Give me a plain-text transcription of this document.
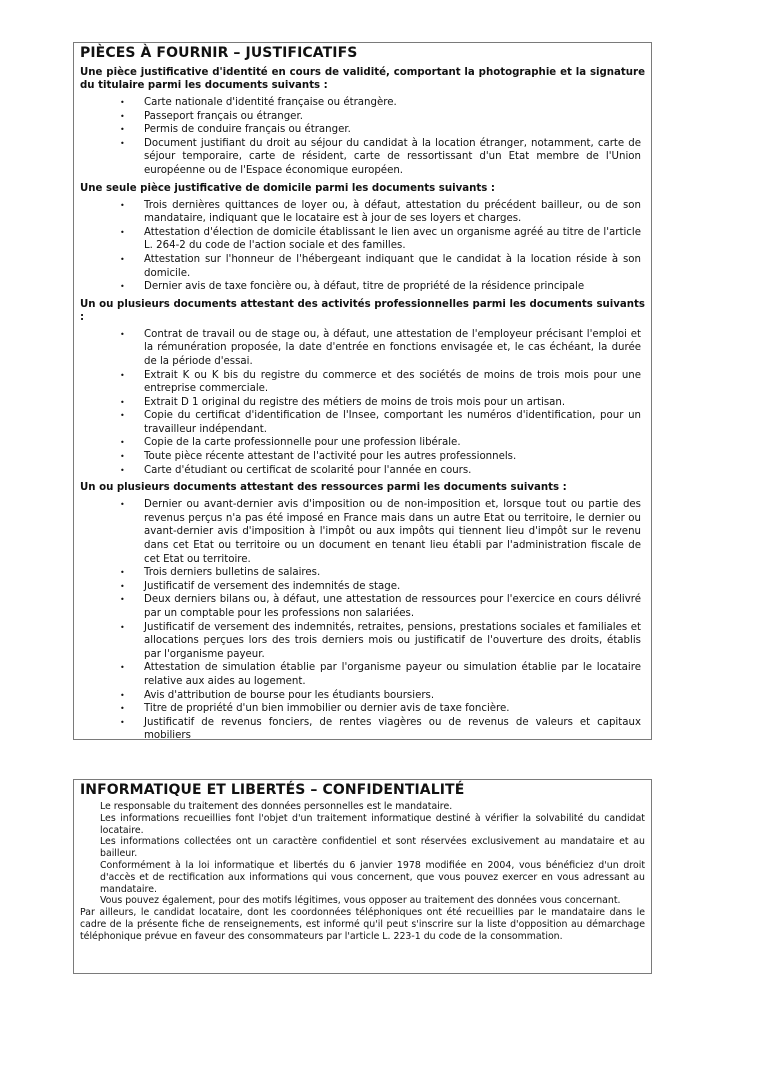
PIÈCES À FOURNIR – JUSTIFICATIFS

Une pièce justificative d'identité en cours de validité, comportant la photographie et la signature du titulaire parmi les documents suivants :

• Carte nationale d'identité française ou étrangère.
• Passeport français ou étranger.
• Permis de conduire français ou étranger.
• Document justifiant du droit au séjour du candidat à la location étranger, notamment, carte de séjour temporaire, carte de résident, carte de ressortissant d'un Etat membre de l'Union européenne ou de l'Espace économique européen.

Une seule pièce justificative de domicile parmi les documents suivants :

• Trois dernières quittances de loyer ou, à défaut, attestation du précédent bailleur, ou de son mandataire, indiquant que le locataire est à jour de ses loyers et charges.
• Attestation d'élection de domicile établissant le lien avec un organisme agréé au titre de l'article L. 264-2 du code de l'action sociale et des familles.
• Attestation sur l'honneur de l'hébergeant indiquant que le candidat à la location réside à son domicile.
• Dernier avis de taxe foncière ou, à défaut, titre de propriété de la résidence principale

Un ou plusieurs documents attestant des activités professionnelles parmi les documents suivants :

• Contrat de travail ou de stage ou, à défaut, une attestation de l'employeur précisant l'emploi et la rémunération proposée, la date d'entrée en fonctions envisagée et, le cas échéant, la durée de la période d'essai.
• Extrait K ou K bis du registre du commerce et des sociétés de moins de trois mois pour une entreprise commerciale.
• Extrait D 1 original du registre des métiers de moins de trois mois pour un artisan.
• Copie du certificat d'identification de l'Insee, comportant les numéros d'identification, pour un travailleur indépendant.
• Copie de la carte professionnelle pour une profession libérale.
• Toute pièce récente attestant de l'activité pour les autres professionnels.
• Carte d'étudiant ou certificat de scolarité pour l'année en cours.

Un ou plusieurs documents attestant des ressources parmi les documents suivants :

• Dernier ou avant-dernier avis d'imposition ou de non-imposition et, lorsque tout ou partie des revenus perçus n'a pas été imposé en France mais dans un autre Etat ou territoire, le dernier ou avant-dernier avis d'imposition à l'impôt ou aux impôts qui tiennent lieu d'impôt sur le revenu dans cet Etat ou territoire ou un document en tenant lieu établi par l'administration fiscale de cet Etat ou territoire.
• Trois derniers bulletins de salaires.
• Justificatif de versement des indemnités de stage.
• Deux derniers bilans ou, à défaut, une attestation de ressources pour l'exercice en cours délivré par un comptable pour les professions non salariées.
• Justificatif de versement des indemnités, retraites, pensions, prestations sociales et familiales et allocations perçues lors des trois derniers mois ou justificatif de l'ouverture des droits, établis par l'organisme payeur.
• Attestation de simulation établie par l'organisme payeur ou simulation établie par le locataire relative aux aides au logement.
• Avis d'attribution de bourse pour les étudiants boursiers.
• Titre de propriété d'un bien immobilier ou dernier avis de taxe foncière.
• Justificatif de revenus fonciers, de rentes viagères ou de revenus de valeurs et capitaux mobiliers
INFORMATIQUE ET LIBERTÉS – CONFIDENTIALITÉ

Le responsable du traitement des données personnelles est le mandataire.

Les informations recueillies font l'objet d'un traitement informatique destiné à vérifier la solvabilité du candidat locataire.

Les informations collectées ont un caractère confidentiel et sont réservées exclusivement au mandataire et au bailleur.

Conformément à la loi informatique et libertés du 6 janvier 1978 modifiée en 2004, vous bénéficiez d'un droit d'accès et de rectification aux informations qui vous concernent, que vous pouvez exercer en vous adressant au mandataire.

Vous pouvez également, pour des motifs légitimes, vous opposer au traitement des données vous concernant.

Par ailleurs, le candidat locataire, dont les coordonnées téléphoniques ont été recueillies par le mandataire dans le cadre de la présente fiche de renseignements, est informé qu'il peut s'inscrire sur la liste d'opposition au démarchage téléphonique prévue en faveur des consommateurs par l'article L. 223-1 du code de la consommation.
